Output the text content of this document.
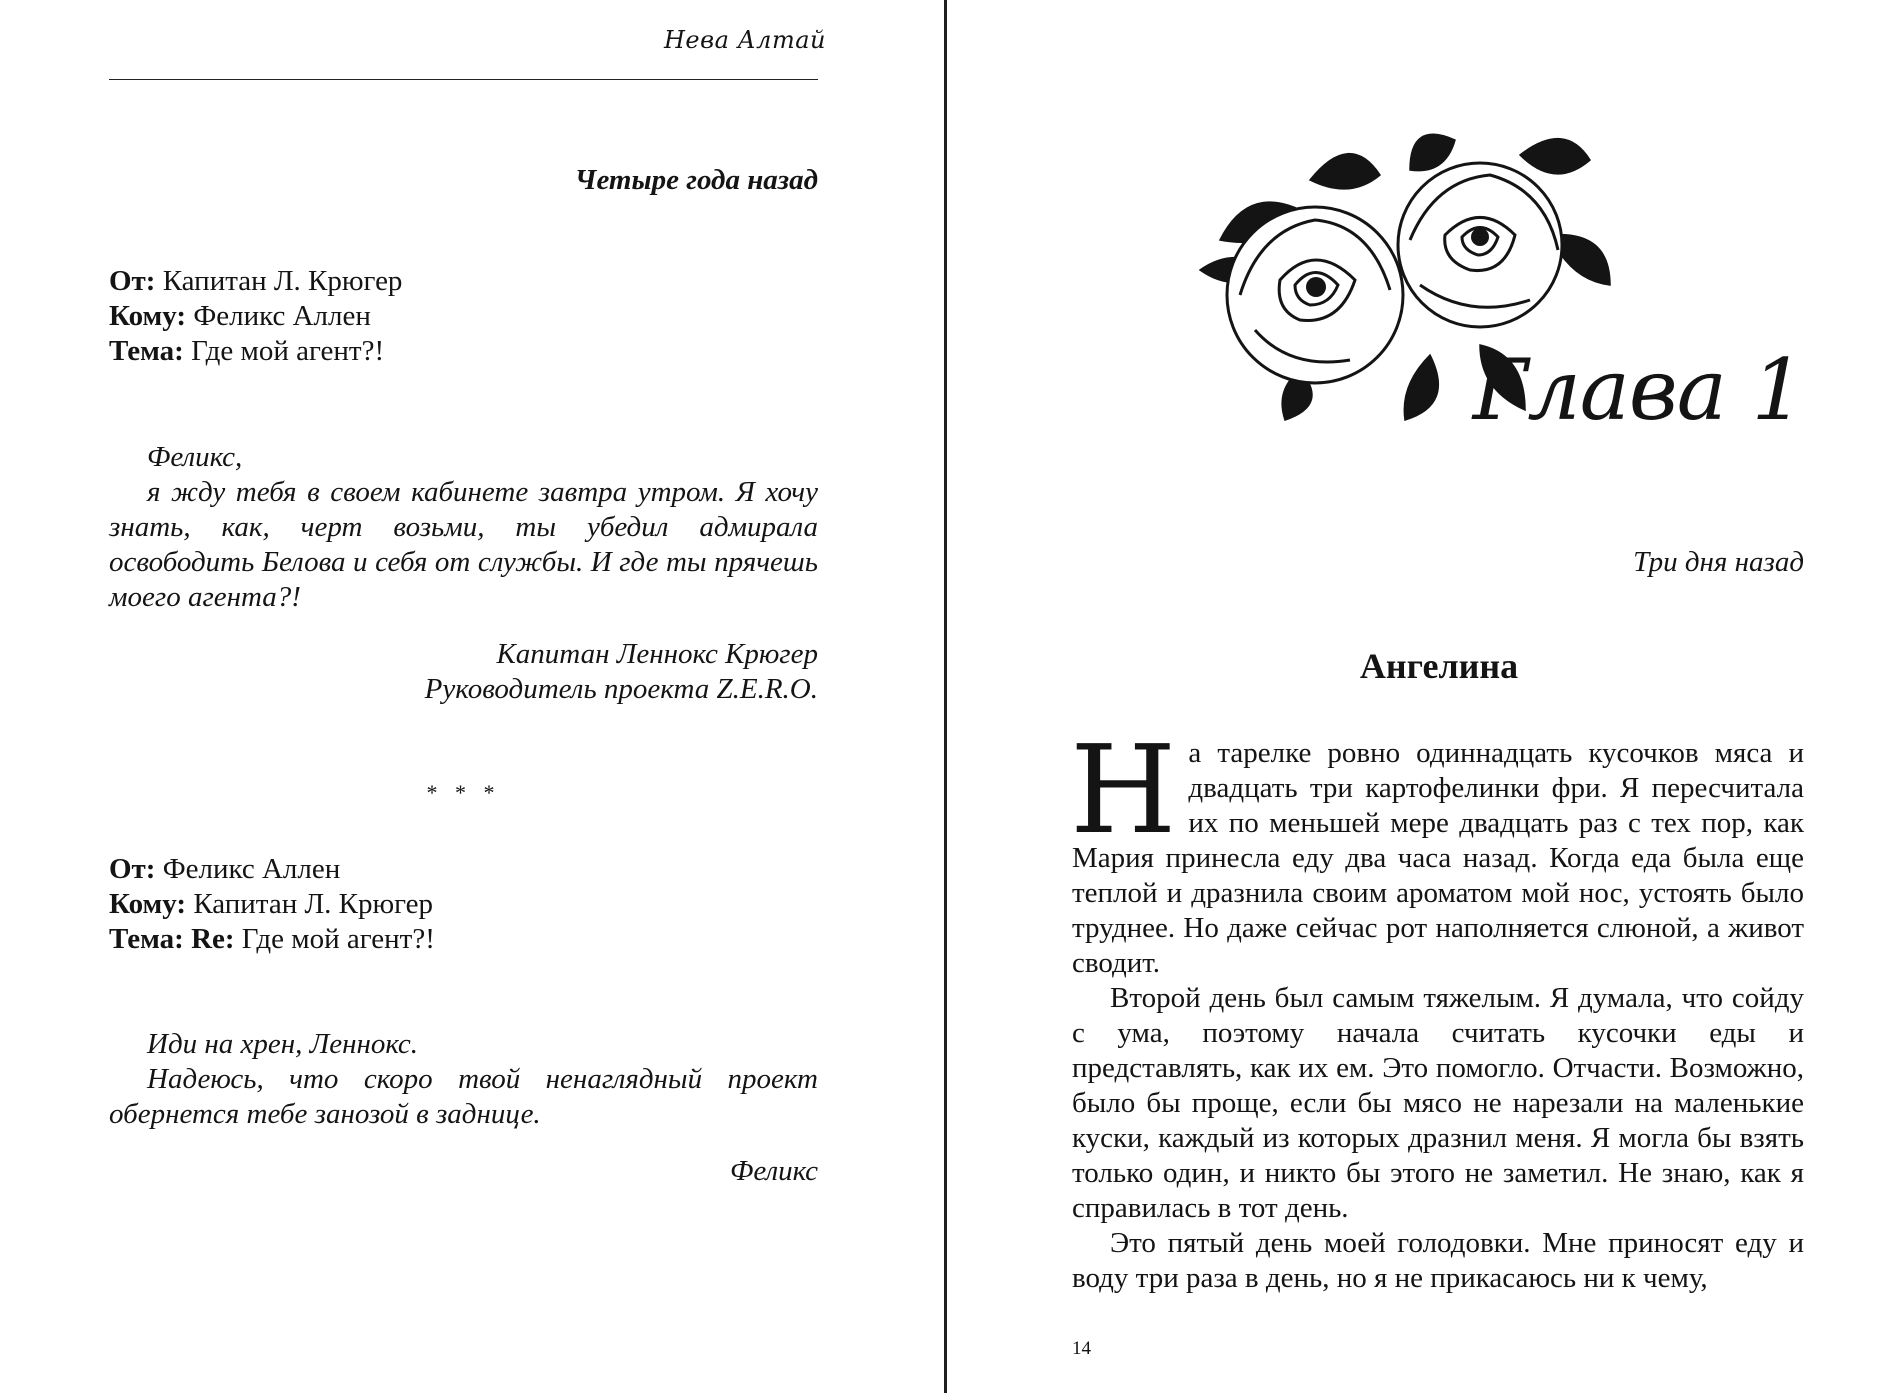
Нева Алтай
Четыре года назад
От: Капитан Л. Крюгер
Кому: Феликс Аллен
Тема: Где мой агент?!

Феликс,

я жду тебя в своем кабинете завтра утром. Я хочу знать, как, черт возьми, ты убедил адмирала освободить Белова и себя от службы. И где ты прячешь моего агента?!

Капитан Леннокс Крюгер
Руководитель проекта Z.E.R.O.
* * *
От: Феликс Аллен
Кому: Капитан Л. Крюгер
Тема: Re: Где мой агент?!

Иди на хрен, Леннокс.

Надеюсь, что скоро твой ненаглядный проект обернется тебе занозой в заднице.

Феликс
Глава 1
Три дня назад
Ангелина

На тарелке ровно одиннадцать кусочков мяса и двадцать три картофелинки фри. Я пересчитала их по меньшей мере двадцать раз с тех пор, как Мария принесла еду два часа назад. Когда еда была еще теплой и дразнила своим ароматом мой нос, устоять было труднее. Но даже сейчас рот наполняется слюной, а живот сводит.

Второй день был самым тяжелым. Я думала, что сойду с ума, поэтому начала считать кусочки еды и представлять, как их ем. Это помогло. Отчасти. Возможно, было бы проще, если бы мясо не нарезали на маленькие куски, каждый из которых дразнил меня. Я могла бы взять только один, и никто бы этого не заметил. Не знаю, как я справилась в тот день.

Это пятый день моей голодовки. Мне приносят еду и воду три раза в день, но я не прикасаюсь ни к чему,

14
